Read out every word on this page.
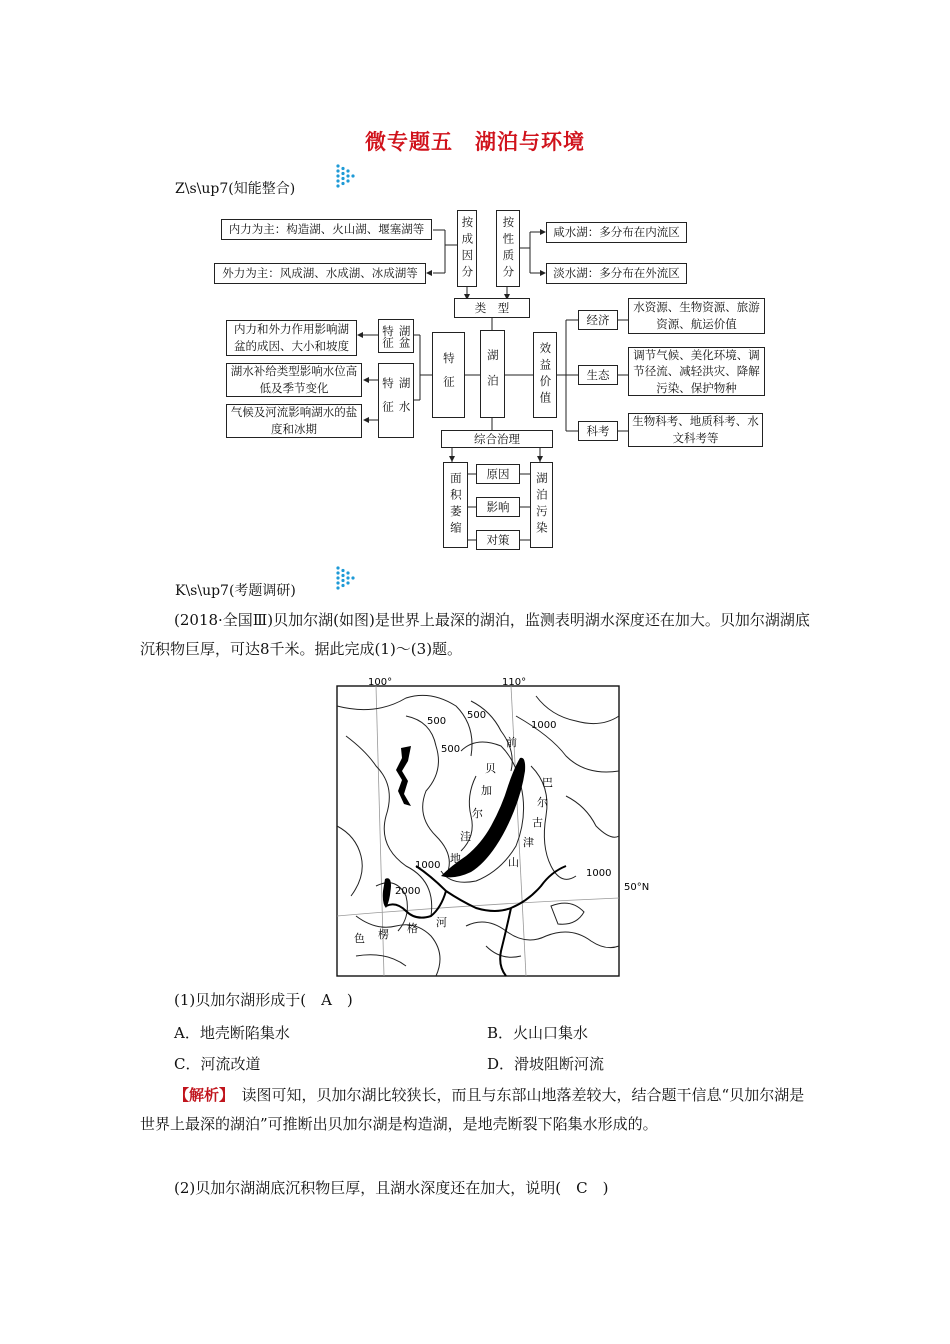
微专题五　湖泊与环境
Z\s\up7(知能整合)
内力为主：构造湖、火山湖、堰塞湖等
外力为主：风成湖、水成湖、冰成湖等	按成因分	按性质分	咸水湖：多分布在内流区
淡水湖：多分布在外流区
类　型
内力和外力作用影响湖盆的成因、大小和坡度	湖盆特征
湖水补给类型影响水位高低及季节变化
气候及河流影响湖水的盐度和冰期
湖水特征
特征	湖泊	效益价值
经济
水资源、生物资源、旅游资源、航运价值
生态
调节气候、美化环境、调节径流、减轻洪灾、降解污染、保护物种
科考
生物科考、地质科考、水文科考等
综合治理
面积萎缩	原因
影响
对策
湖泊污染
K\s\up7(考题调研)
(2018·全国Ⅲ)贝加尔湖(如图)是世界上最深的湖泊，监测表明湖水深度还在加大。贝加尔湖湖底沉积物巨厚，可达8千米。据此完成(1)～(3)题。
100°	110°
500
500
500
1000
1000
1000
2000	50°N
前
贝
加
尔
洼
地
巴
尔
古
津
山
色 楞 格 河
(1)贝加尔湖形成于(　A　)
A．地壳断陷集水	B．火山口集水
C．河流改道	D．滑坡阻断河流
【解析】　读图可知，贝加尔湖比较狭长，而且与东部山地落差较大，结合题干信息“贝加尔湖是世界上最深的湖泊”可推断出贝加尔湖是构造湖，是地壳断裂下陷集水形成的。
(2)贝加尔湖湖底沉积物巨厚，且湖水深度还在加大，说明(　C　)
